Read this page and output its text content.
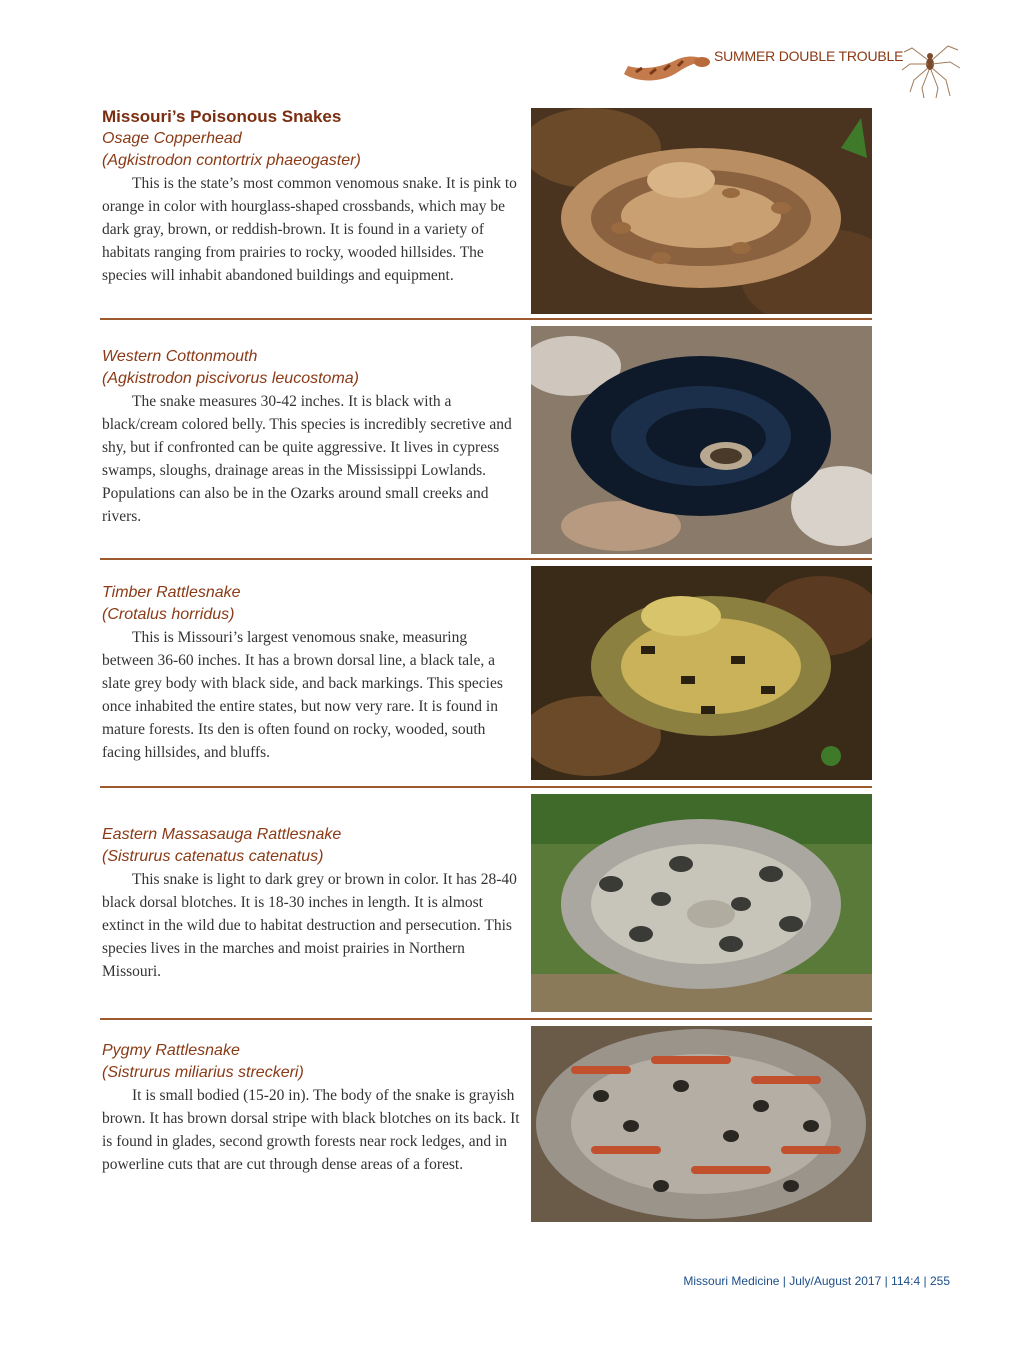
SUMMER DOUBLE TROUBLE
Missouri’s Poisonous Snakes
Osage Copperhead
(Agkistrodon contortrix phaeogaster)

This is the state’s most common venomous snake. It is pink to orange in color with hourglass-shaped crossbands, which may be dark gray, brown, or reddish-brown. It is found in a variety of habitats ranging from prairies to rocky, wooded hillsides. The species will inhabit abandoned buildings and equipment.

Western Cottonmouth
(Agkistrodon piscivorus leucostoma)

The snake measures 30-42 inches. It is black with a black/cream colored belly. This species is incredibly secretive and shy, but if confronted can be quite aggressive. It lives in cypress swamps, sloughs, drainage areas in the Mississippi Lowlands. Populations can also be in the Ozarks around small creeks and rivers.

Timber Rattlesnake
(Crotalus horridus)

This is Missouri’s largest venomous snake, measuring between 36-60 inches. It has a brown dorsal line, a black tale, a slate grey body with black side, and back markings. This species once inhabited the entire states, but now very rare. It is found in mature forests. Its den is often found on rocky, wooded, south facing hillsides, and bluffs.

Eastern Massasauga Rattlesnake
(Sistrurus catenatus catenatus)

This snake is light to dark grey or brown in color. It has 28-40 black dorsal blotches. It is 18-30 inches in length. It is almost extinct in the wild due to habitat destruction and persecution. This species lives in the marches and moist prairies in Northern Missouri.

Pygmy Rattlesnake
(Sistrurus miliarius streckeri)

It is small bodied (15-20 in). The body of the snake is grayish brown. It has brown dorsal stripe with black blotches on its back. It is found in glades, second growth forests near rock ledges, and in powerline cuts that are cut through dense areas of a forest.

Missouri Medicine | July/August 2017 | 114:4 | 255
